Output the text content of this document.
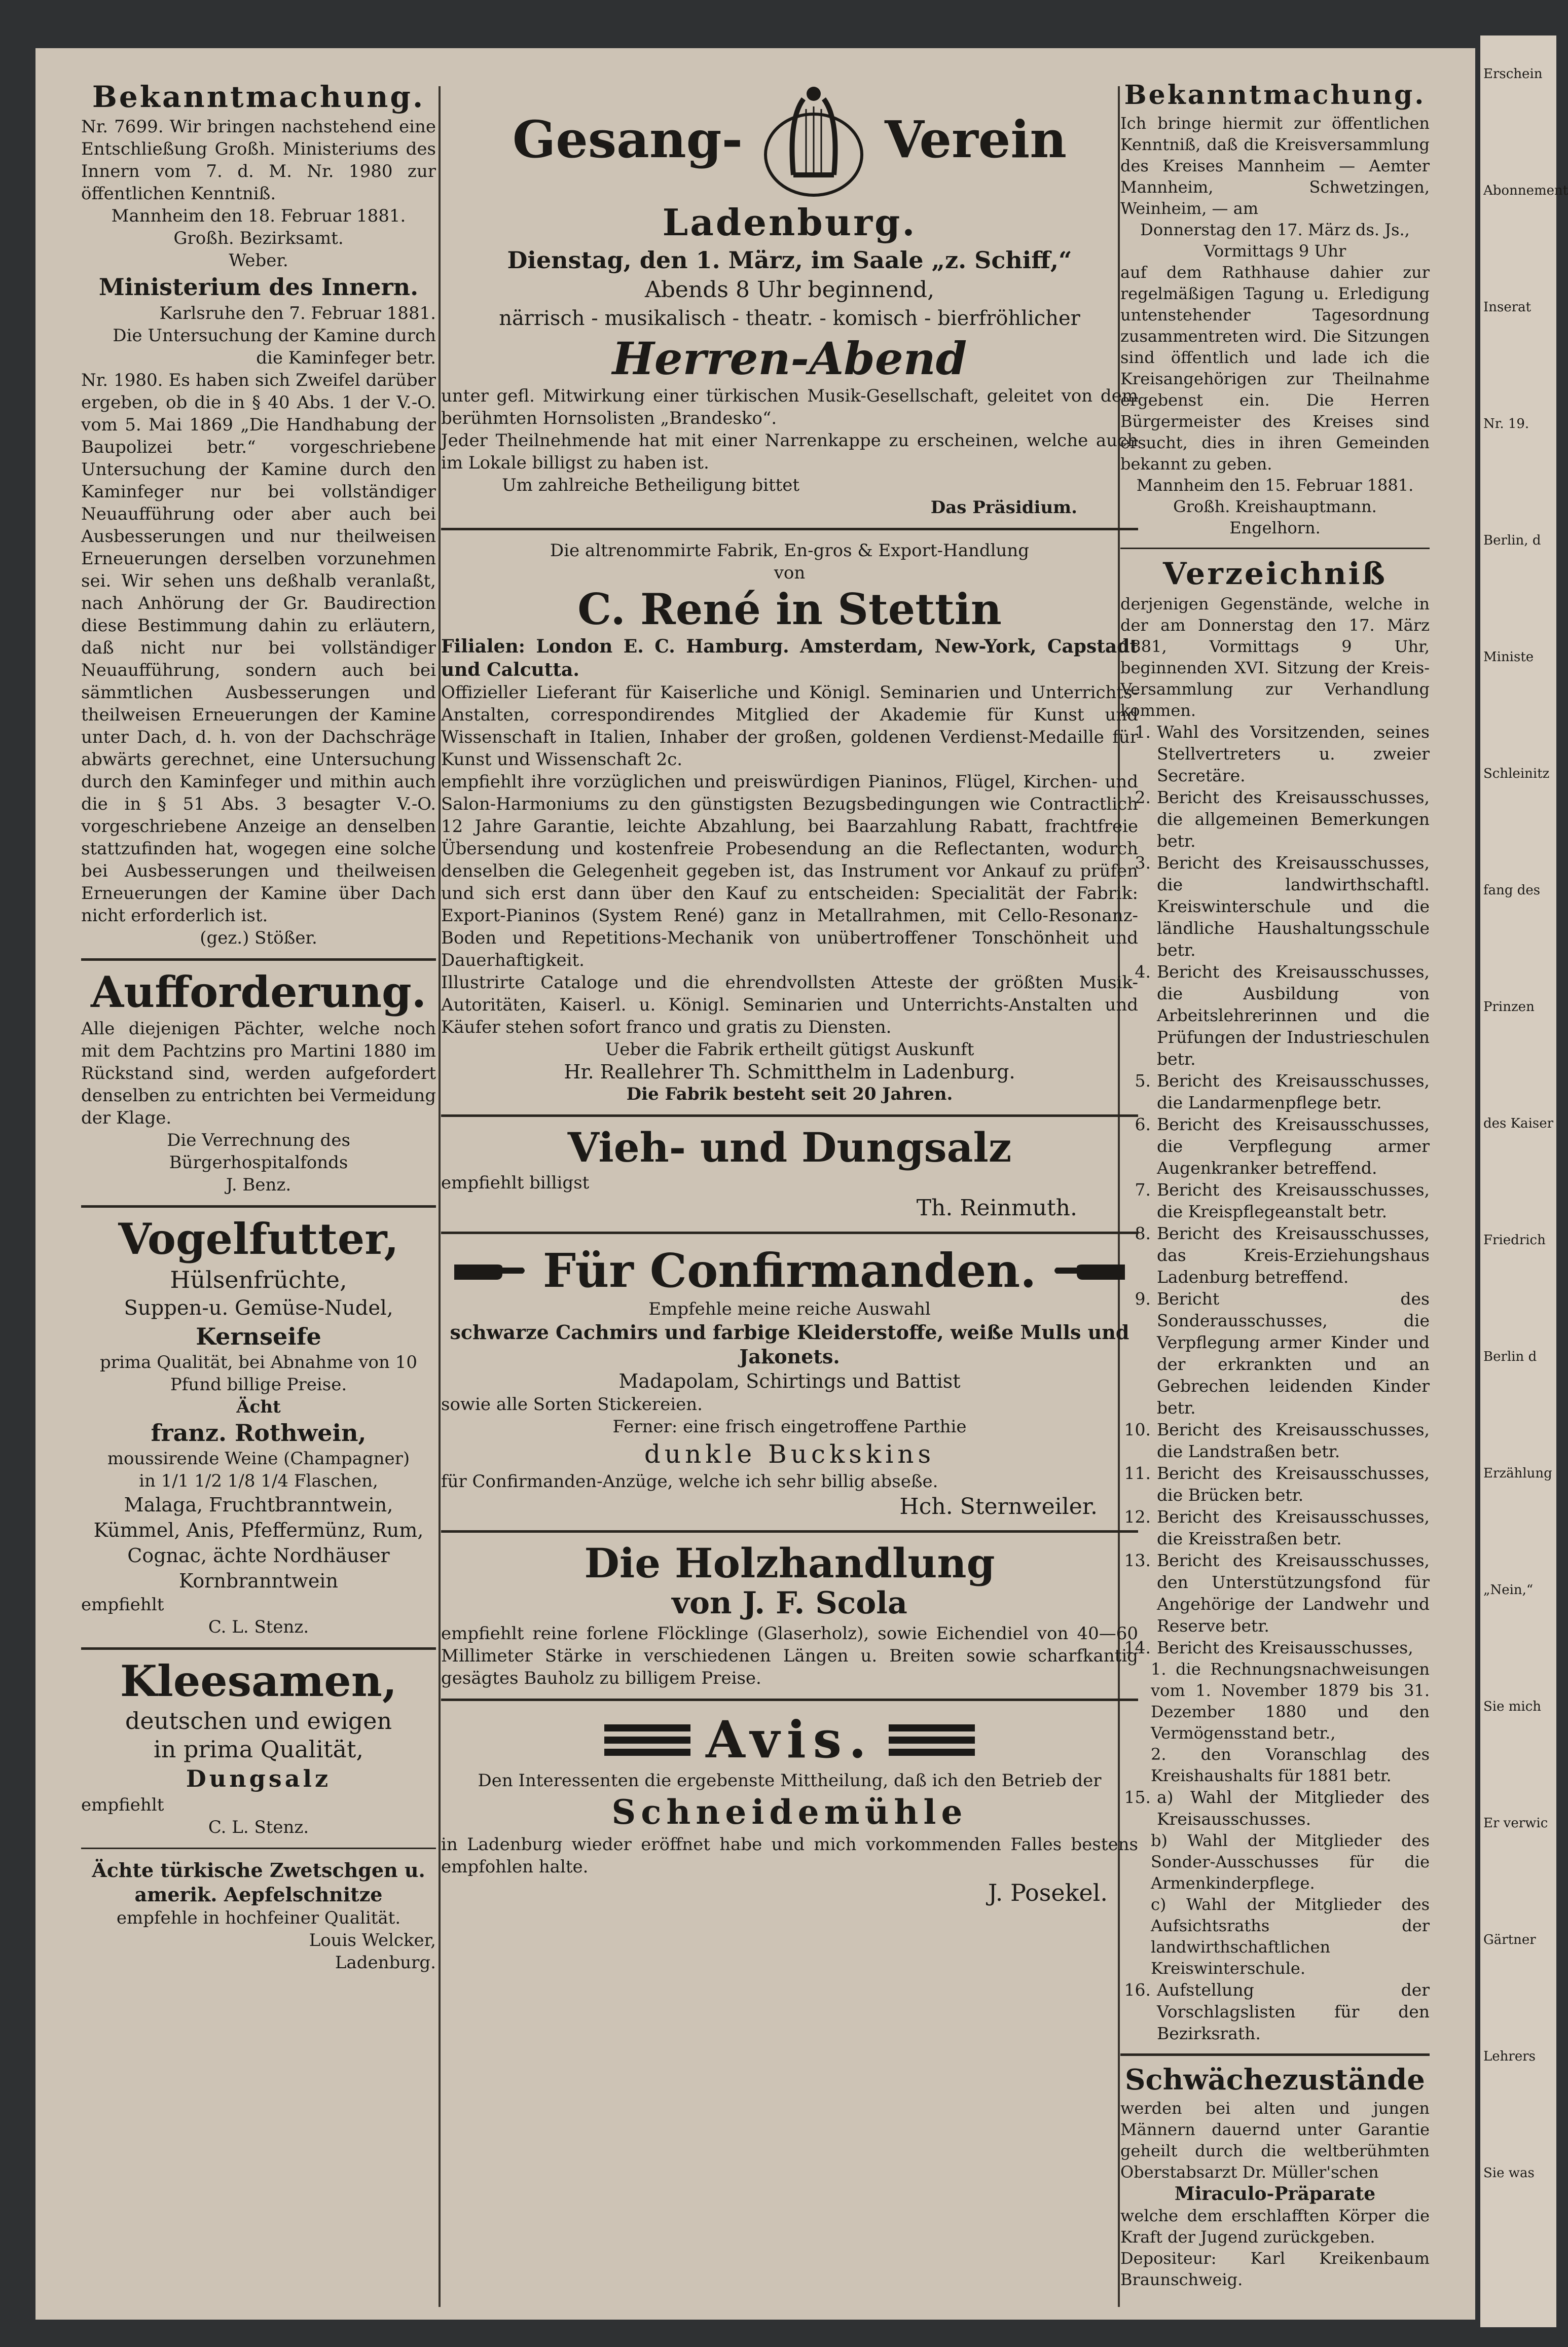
Bekanntmachung.

Nr. 7699. Wir bringen nachstehend eine Entschließung Großh. Ministeriums des Innern vom 7. d. M. Nr. 1980 zur öffentlichen Kenntniß.

Mannheim den 18. Februar 1881.

Großh. Bezirksamt.

Weber.

Ministerium des Innern.

Karlsruhe den 7. Februar 1881.

Die Untersuchung der Kamine durch die Kaminfeger betr.

Nr. 1980. Es haben sich Zweifel darüber ergeben, ob die in § 40 Abs. 1 der V.-O. vom 5. Mai 1869 „Die Handhabung der Baupolizei betr.“ vorgeschriebene Untersuchung der Kamine durch den Kaminfeger nur bei vollständiger Neuaufführung oder aber auch bei Ausbesserungen und nur theilweisen Erneuerungen derselben vorzunehmen sei. Wir sehen uns deßhalb veranlaßt, nach Anhörung der Gr. Baudirection diese Bestimmung dahin zu erläutern, daß nicht nur bei vollständiger Neuaufführung, sondern auch bei sämmtlichen Ausbesserungen und theilweisen Erneuerungen der Kamine unter Dach, d. h. von der Dachschräge abwärts gerechnet, eine Untersuchung durch den Kaminfeger und mithin auch die in § 51 Abs. 3 besagter V.-O. vorgeschriebene Anzeige an denselben stattzufinden hat, wogegen eine solche bei Ausbesserungen und theilweisen Erneuerungen der Kamine über Dach nicht erforderlich ist.

(gez.) Stößer.

Aufforderung.

Alle diejenigen Pächter, welche noch mit dem Pachtzins pro Martini 1880 im Rückstand sind, werden aufgefordert denselben zu entrichten bei Vermeidung der Klage.

Die Verrechnung des Bürgerhospitalfonds

J. Benz.

Vogelfutter,

Hülsenfrüchte,

Suppen-u. Gemüse-Nudel,

Kernseife

prima Qualität, bei Abnahme von 10 Pfund billige Preise.

Ächt

franz. Rothwein,

moussirende Weine (Champagner)

in 1/1 1/2 1/8 1/4 Flaschen,

Malaga, Fruchtbranntwein, Kümmel, Anis, Pfeffermünz, Rum, Cognac, ächte Nordhäuser Kornbranntwein

empfiehlt

C. L. Stenz.

Kleesamen,

deutschen und ewigen

in prima Qualität,

Dungsalz

empfiehlt

C. L. Stenz.

Ächte türkische Zwetschgen u. amerik. Aepfelschnitze

empfehle in hochfeiner Qualität.

Louis Welcker,

Ladenburg.

Gesang-	Verein
Ladenburg.

Dienstag, den 1. März, im Saale „z. Schiff,“

Abends 8 Uhr beginnend,

närrisch - musikalisch - theatr. - komisch - bierfröhlicher

Herren-Abend

unter gefl. Mitwirkung einer türkischen Musik-Gesellschaft, geleitet von dem berühmten Hornsolisten „Brandesko“.

Jeder Theilnehmende hat mit einer Narrenkappe zu erscheinen, welche auch im Lokale billigst zu haben ist.

Um zahlreiche Betheiligung bittet

Das Präsidium.

Die altrenommirte Fabrik, En-gros & Export-Handlung

von

C. René in Stettin

Filialen: London E. C. Hamburg. Amsterdam, New-York, Capstadt und Calcutta.

Offizieller Lieferant für Kaiserliche und Königl. Seminarien und Unterrichts-Anstalten, correspondirendes Mitglied der Akademie für Kunst und Wissenschaft in Italien, Inhaber der großen, goldenen Verdienst-Medaille für Kunst und Wissenschaft 2c.

empfiehlt ihre vorzüglichen und preiswürdigen Pianinos, Flügel, Kirchen- und Salon-Harmoniums zu den günstigsten Bezugsbedingungen wie Contractlich 12 Jahre Garantie, leichte Abzahlung, bei Baarzahlung Rabatt, frachtfreie Übersendung und kostenfreie Probesendung an die Reflectanten, wodurch denselben die Gelegenheit gegeben ist, das Instrument vor Ankauf zu prüfen und sich erst dann über den Kauf zu entscheiden: Specialität der Fabrik: Export-Pianinos (System René) ganz in Metallrahmen, mit Cello-Resonanz-Boden und Repetitions-Mechanik von unübertroffener Tonschönheit und Dauerhaftigkeit.

Illustrirte Cataloge und die ehrendvollsten Atteste der größten Musik-Autoritäten, Kaiserl. u. Königl. Seminarien und Unterrichts-Anstalten und Käufer stehen sofort franco und gratis zu Diensten.

Ueber die Fabrik ertheilt gütigst Auskunft

Hr. Reallehrer Th. Schmitthelm in Ladenburg.

Die Fabrik besteht seit 20 Jahren.

Vieh- und Dungsalz

empfiehlt billigst

Th. Reinmuth.

Für Confirmanden.

Empfehle meine reiche Auswahl

schwarze Cachmirs und farbige Kleiderstoffe, weiße Mulls und Jakonets.

Madapolam, Schirtings und Battist

sowie alle Sorten Stickereien.

Ferner: eine frisch eingetroffene Parthie

dunkle Buckskins

für Confirmanden-Anzüge, welche ich sehr billig abseße.

Hch. Sternweiler.

Die Holzhandlung
von J. F. Scola

empfiehlt reine forlene Flöcklinge (Glaserholz), sowie Eichendiel von 40—60 Millimeter Stärke in verschiedenen Längen u. Breiten sowie scharfkantig gesägtes Bauholz zu billigem Preise.

Avis.

Den Interessenten die ergebenste Mittheilung, daß ich den Betrieb der

Schneidemühle

in Ladenburg wieder eröffnet habe und mich vorkommenden Falles bestens empfohlen halte.

J. Posekel.

Bekanntmachung.

Ich bringe hiermit zur öffentlichen Kenntniß, daß die Kreisversammlung des Kreises Mannheim — Aemter Mannheim, Schwetzingen, Weinheim, — am

Donnerstag den 17. März ds. Js., Vormittags 9 Uhr

auf dem Rathhause dahier zur regelmäßigen Tagung u. Erledigung untenstehender Tagesordnung zusammentreten wird. Die Sitzungen sind öffentlich und lade ich die Kreisangehörigen zur Theilnahme ergebenst ein. Die Herren Bürgermeister des Kreises sind ersucht, dies in ihren Gemeinden bekannt zu geben.

Mannheim den 15. Februar 1881.

Großh. Kreishauptmann.

Engelhorn.

Verzeichniß

derjenigen Gegenstände, welche in der am Donnerstag den 17. März 1881, Vormittags 9 Uhr, beginnenden XVI. Sitzung der Kreis-Versammlung zur Verhandlung kommen.

1. Wahl des Vorsitzenden, seines Stellvertreters u. zweier Secretäre.
2. Bericht des Kreisausschusses, die allgemeinen Bemerkungen betr.
3. Bericht des Kreisausschusses, die landwirthschaftl. Kreiswinterschule und die ländliche Haushaltungsschule betr.
4. Bericht des Kreisausschusses, die Ausbildung von Arbeitslehrerinnen und die Prüfungen der Industrieschulen betr.
5. Bericht des Kreisausschusses, die Landarmenpflege betr.
6. Bericht des Kreisausschusses, die Verpflegung armer Augenkranker betreffend.
7. Bericht des Kreisausschusses, die Kreispflegeanstalt betr.
8. Bericht des Kreisausschusses, das Kreis-Erziehungshaus Ladenburg betreffend.
9. Bericht des Sonderausschusses, die Verpflegung armer Kinder und der erkrankten und an Gebrechen leidenden Kinder betr.
10. Bericht des Kreisausschusses, die Landstraßen betr.
11. Bericht des Kreisausschusses, die Brücken betr.
12. Bericht des Kreisausschusses, die Kreisstraßen betr.
13. Bericht des Kreisausschusses, den Unterstützungsfond für Angehörige der Landwehr und Reserve betr.
14. Bericht des Kreisausschusses,

1. die Rechnungsnachweisungen vom 1. November 1879 bis 31. Dezember 1880 und den Vermögensstand betr.,

2. den Voranschlag des Kreishaushalts für 1881 betr.

15. a) Wahl der Mitglieder des Kreisausschusses.

b) Wahl der Mitglieder des Sonder-Ausschusses für die Armenkinderpflege.

c) Wahl der Mitglieder des Aufsichtsraths der landwirthschaftlichen Kreiswinterschule.

16. Aufstellung der Vorschlagslisten für den Bezirksrath.
Schwächezustände

werden bei alten und jungen Männern dauernd unter Garantie geheilt durch die weltberühmten Oberstabsarzt Dr. Müller'schen

Miraculo-Präparate

welche dem erschlafften Körper die Kraft der Jugend zurückgeben.

Depositeur: Karl Kreikenbaum Braunschweig.

Erschein
Abonnement
Inserat
Nr. 19.
Berlin, d
Ministe
Schleinitz
fang des
Prinzen
des Kaiser
Friedrich
Berlin d
Erzählung
„Nein,“
Sie mich
Er verwic
Gärtner
Lehrers
Sie was
